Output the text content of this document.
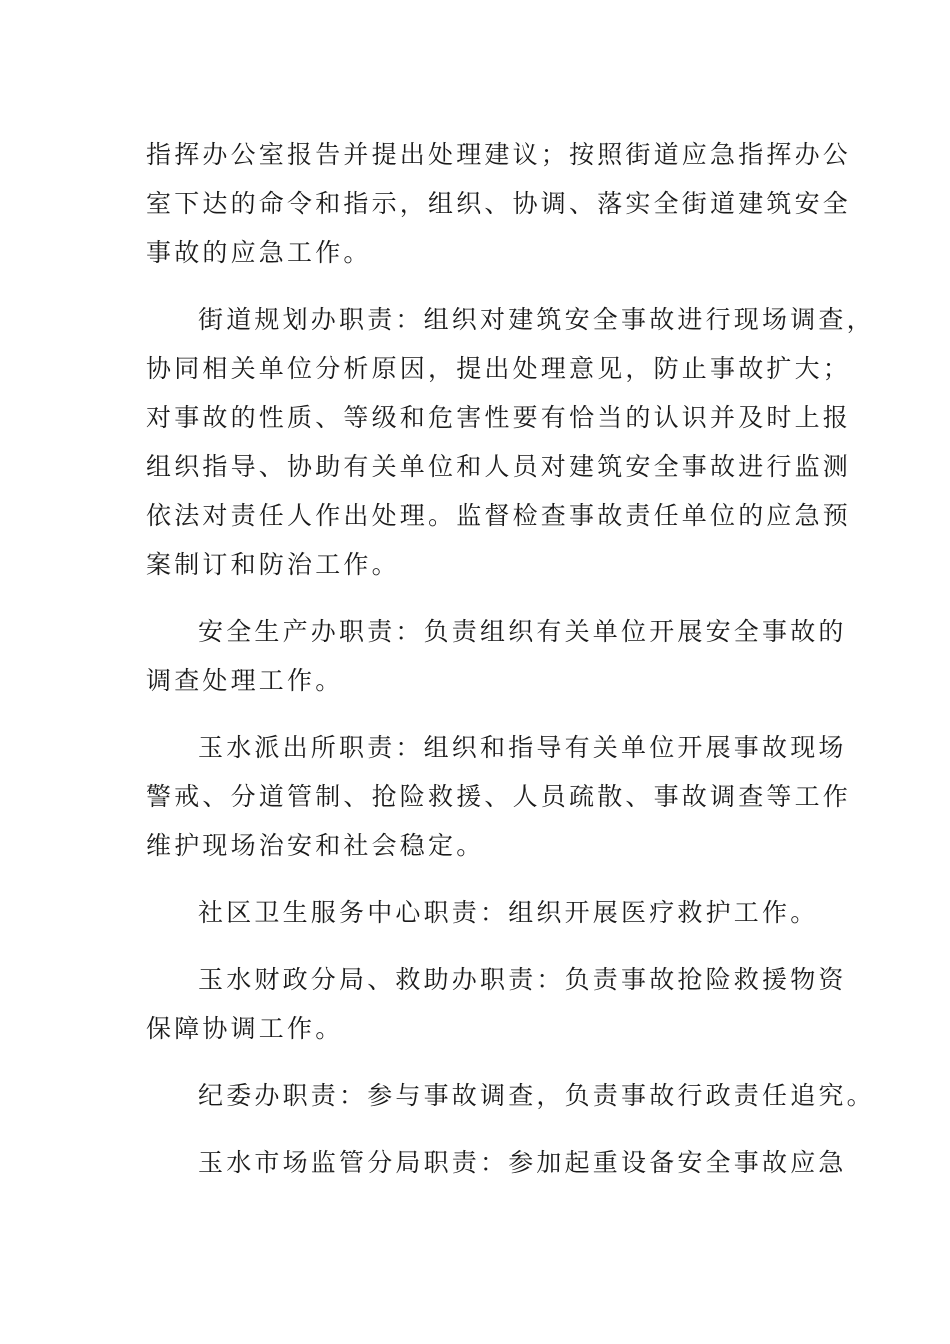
指挥办公室报告并提出处理建议；按照街道应急指挥办公
室下达的命令和指示，组织、协调、落实全街道建筑安全
事故的应急工作。
街道规划办职责：组织对建筑安全事故进行现场调查，
协同相关单位分析原因，提出处理意见，防止事故扩大；
对事故的性质、等级和危害性要有恰当的认识并及时上报
组织指导、协助有关单位和人员对建筑安全事故进行监测
依法对责任人作出处理。监督检查事故责任单位的应急预
案制订和防治工作。
安全生产办职责：负责组织有关单位开展安全事故的
调查处理工作。
玉水派出所职责：组织和指导有关单位开展事故现场
警戒、分道管制、抢险救援、人员疏散、事故调查等工作
维护现场治安和社会稳定。
社区卫生服务中心职责：组织开展医疗救护工作。
玉水财政分局、救助办职责：负责事故抢险救援物资
保障协调工作。
纪委办职责：参与事故调查，负责事故行政责任追究。
玉水市场监管分局职责：参加起重设备安全事故应急
